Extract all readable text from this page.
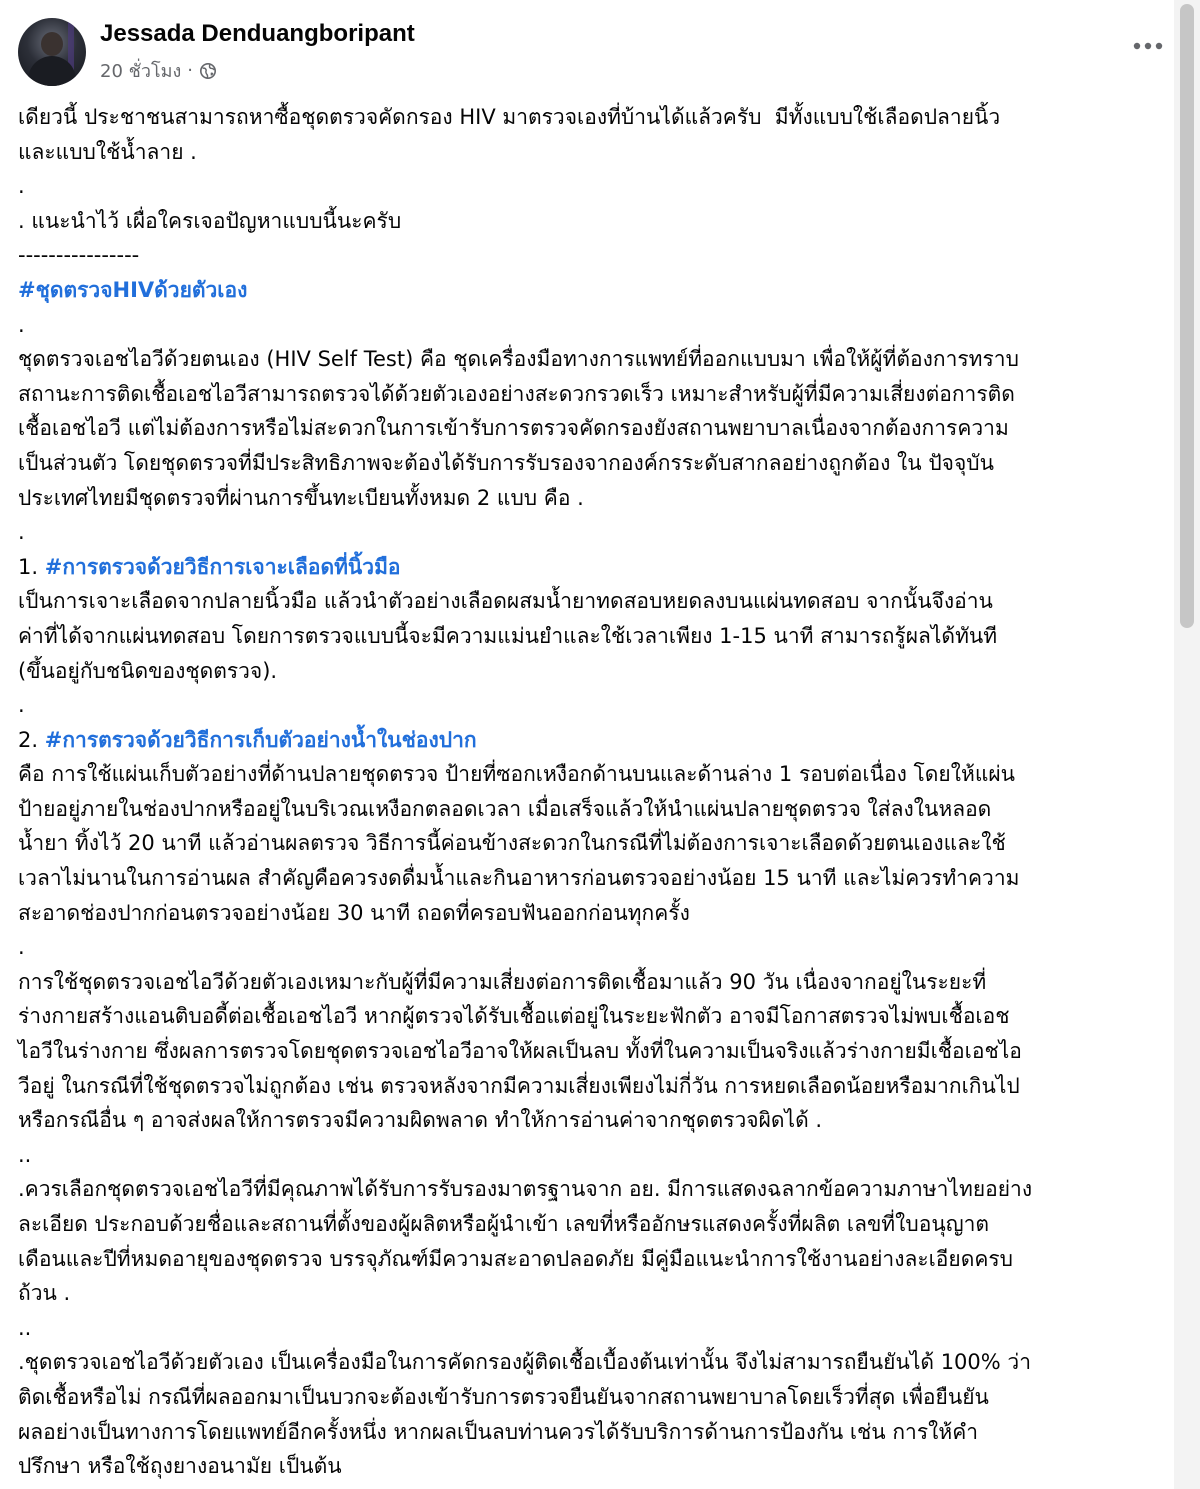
Jessada Denduangboripant
20 ชั่วโมง ·

เดียวนี้ ประชาชนสามารถหาซื้อชุดตรวจคัดกรอง HIV มาตรวจเองที่บ้านได้แล้วครับ  มีทั้งแบบใช้เลือดปลายนิ้ว

และแบบใช้น้ำลาย .

.

. แนะนำไว้ เผื่อใครเจอปัญหาแบบนี้นะครับ

----------------

#ชุดตรวจHIVด้วยตัวเอง

.

ชุดตรวจเอชไอวีด้วยตนเอง (HIV Self Test) คือ ชุดเครื่องมือทางการแพทย์ที่ออกแบบมา เพื่อให้ผู้ที่ต้องการทราบ

สถานะการติดเชื้อเอชไอวีสามารถตรวจได้ด้วยตัวเองอย่างสะดวกรวดเร็ว เหมาะสำหรับผู้ที่มีความเสี่ยงต่อการติด

เชื้อเอชไอวี แต่ไม่ต้องการหรือไม่สะดวกในการเข้ารับการตรวจคัดกรองยังสถานพยาบาลเนื่องจากต้องการความ

เป็นส่วนตัว โดยชุดตรวจที่มีประสิทธิภาพจะต้องได้รับการรับรองจากองค์กรระดับสากลอย่างถูกต้อง ใน ปัจจุบัน

ประเทศไทยมีชุดตรวจที่ผ่านการขึ้นทะเบียนทั้งหมด 2 แบบ คือ .

.

1. #การตรวจด้วยวิธีการเจาะเลือดที่นิ้วมือ

เป็นการเจาะเลือดจากปลายนิ้วมือ แล้วนำตัวอย่างเลือดผสมน้ำยาทดสอบหยดลงบนแผ่นทดสอบ จากนั้นจึงอ่าน

ค่าที่ได้จากแผ่นทดสอบ โดยการตรวจแบบนี้จะมีความแม่นยำและใช้เวลาเพียง 1-15 นาที สามารถรู้ผลได้ทันที

(ขึ้นอยู่กับชนิดของชุดตรวจ).

.

2. #การตรวจด้วยวิธีการเก็บตัวอย่างน้ำในช่องปาก

คือ การใช้แผ่นเก็บตัวอย่างที่ด้านปลายชุดตรวจ ป้ายที่ซอกเหงือกด้านบนและด้านล่าง 1 รอบต่อเนื่อง โดยให้แผ่น

ป้ายอยู่ภายในช่องปากหรืออยู่ในบริเวณเหงือกตลอดเวลา เมื่อเสร็จแล้วให้นำแผ่นปลายชุดตรวจ ใส่ลงในหลอด

น้ำยา ทิ้งไว้ 20 นาที แล้วอ่านผลตรวจ วิธีการนี้ค่อนข้างสะดวกในกรณีที่ไม่ต้องการเจาะเลือดด้วยตนเองและใช้

เวลาไม่นานในการอ่านผล สำคัญคือควรงดดื่มน้ำและกินอาหารก่อนตรวจอย่างน้อย 15 นาที และไม่ควรทำความ

สะอาดช่องปากก่อนตรวจอย่างน้อย 30 นาที ถอดที่ครอบฟันออกก่อนทุกครั้ง

.

การใช้ชุดตรวจเอชไอวีด้วยตัวเองเหมาะกับผู้ที่มีความเสี่ยงต่อการติดเชื้อมาแล้ว 90 วัน เนื่องจากอยู่ในระยะที่

ร่างกายสร้างแอนติบอดี้ต่อเชื้อเอชไอวี หากผู้ตรวจได้รับเชื้อแต่อยู่ในระยะฟักตัว อาจมีโอกาสตรวจไม่พบเชื้อเอช

ไอวีในร่างกาย ซึ่งผลการตรวจโดยชุดตรวจเอชไอวีอาจให้ผลเป็นลบ ทั้งที่ในความเป็นจริงแล้วร่างกายมีเชื้อเอชไอ

วีอยู่ ในกรณีที่ใช้ชุดตรวจไม่ถูกต้อง เช่น ตรวจหลังจากมีความเสี่ยงเพียงไม่กี่วัน การหยดเลือดน้อยหรือมากเกินไป

หรือกรณีอื่น ๆ อาจส่งผลให้การตรวจมีความผิดพลาด ทำให้การอ่านค่าจากชุดตรวจผิดได้ .

..

.ควรเลือกชุดตรวจเอชไอวีที่มีคุณภาพได้รับการรับรองมาตรฐานจาก อย. มีการแสดงฉลากข้อความภาษาไทยอย่าง

ละเอียด ประกอบด้วยชื่อและสถานที่ตั้งของผู้ผลิตหรือผู้นำเข้า เลขที่หรืออักษรแสดงครั้งที่ผลิต เลขที่ใบอนุญาต

เดือนและปีที่หมดอายุของชุดตรวจ บรรจุภัณฑ์มีความสะอาดปลอดภัย มีคู่มือแนะนำการใช้งานอย่างละเอียดครบ

ถ้วน .

..

.ชุดตรวจเอชไอวีด้วยตัวเอง เป็นเครื่องมือในการคัดกรองผู้ติดเชื้อเบื้องต้นเท่านั้น จึงไม่สามารถยืนยันได้ 100% ว่า

ติดเชื้อหรือไม่ กรณีที่ผลออกมาเป็นบวกจะต้องเข้ารับการตรวจยืนยันจากสถานพยาบาลโดยเร็วที่สุด เพื่อยืนยัน

ผลอย่างเป็นทางการโดยแพทย์อีกครั้งหนึ่ง หากผลเป็นลบท่านควรได้รับบริการด้านการป้องกัน เช่น การให้คำ

ปรึกษา หรือใช้ถุงยางอนามัย เป็นต้น
